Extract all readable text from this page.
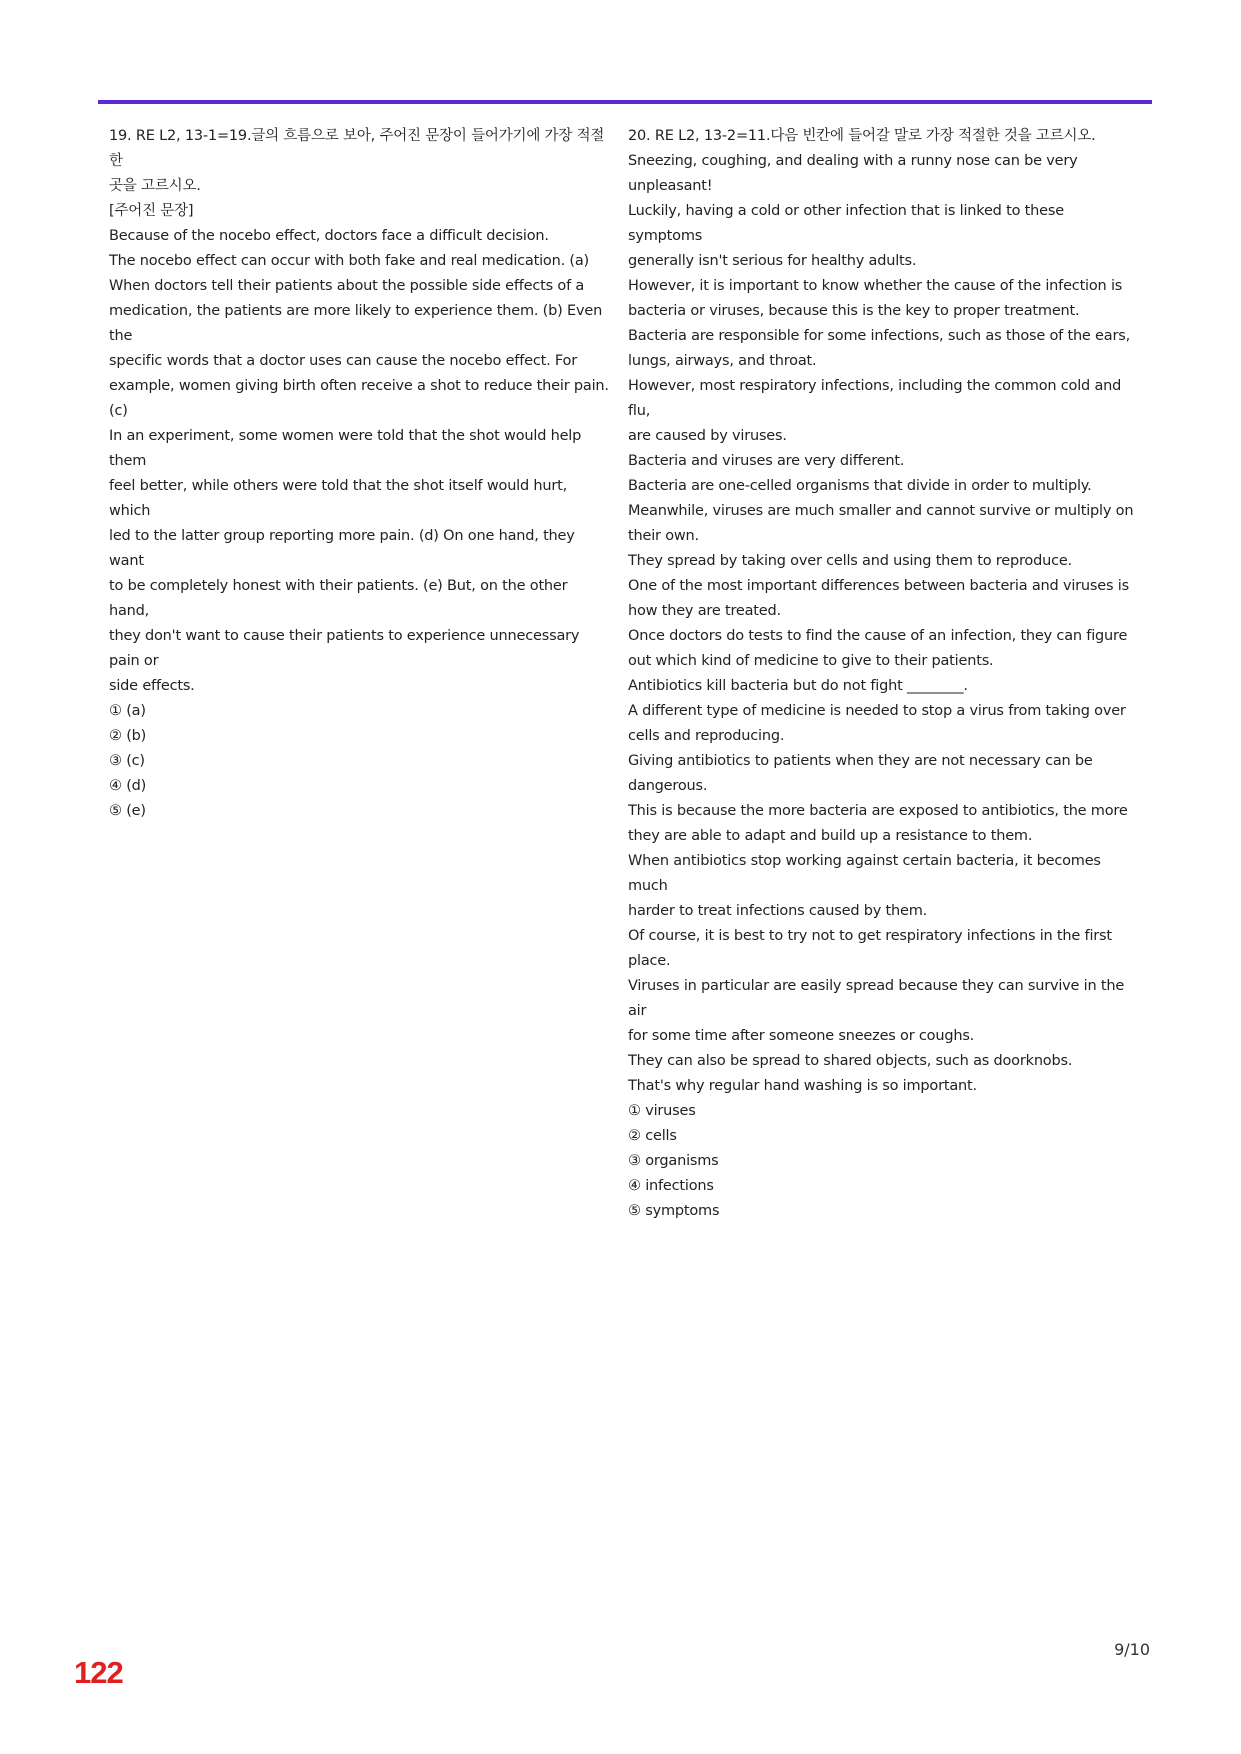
19. RE L2, 13-1=19.글의 흐름으로 보아, 주어진 문장이 들어가기에 가장 적절한
곳을 고르시오.
[주어진 문장]
Because of the nocebo effect, doctors face a difficult decision.
The nocebo effect can occur with both fake and real medication. (a)
When doctors tell their patients about the possible side effects of a
medication, the patients are more likely to experience them. (b) Even the
specific words that a doctor uses can cause the nocebo effect. For
example, women giving birth often receive a shot to reduce their pain. (c)
In an experiment, some women were told that the shot would help them
feel better, while others were told that the shot itself would hurt, which
led to the latter group reporting more pain. (d) On one hand, they want
to be completely honest with their patients. (e) But, on the other hand,
they don't want to cause their patients to experience unnecessary pain or
side effects.
① (a)
② (b)
③ (c)
④ (d)
⑤ (e)
20. RE L2, 13-2=11.다음 빈칸에 들어갈 말로 가장 적절한 것을 고르시오.
Sneezing, coughing, and dealing with a runny nose can be very
unpleasant!
Luckily, having a cold or other infection that is linked to these symptoms
generally isn't serious for healthy adults.
However, it is important to know whether the cause of the infection is
bacteria or viruses, because this is the key to proper treatment.
Bacteria are responsible for some infections, such as those of the ears,
lungs, airways, and throat.
However, most respiratory infections, including the common cold and flu,
are caused by viruses.
Bacteria and viruses are very different.
Bacteria are one-celled organisms that divide in order to multiply.
Meanwhile, viruses are much smaller and cannot survive or multiply on
their own.
They spread by taking over cells and using them to reproduce.
One of the most important differences between bacteria and viruses is
how they are treated.
Once doctors do tests to find the cause of an infection, they can figure
out which kind of medicine to give to their patients.
Antibiotics kill bacteria but do not fight ________.
A different type of medicine is needed to stop a virus from taking over
cells and reproducing.
Giving antibiotics to patients when they are not necessary can be
dangerous.
This is because the more bacteria are exposed to antibiotics, the more
they are able to adapt and build up a resistance to them.
When antibiotics stop working against certain bacteria, it becomes much
harder to treat infections caused by them.
Of course, it is best to try not to get respiratory infections in the first place.
Viruses in particular are easily spread because they can survive in the air
for some time after someone sneezes or coughs.
They can also be spread to shared objects, such as doorknobs.
That's why regular hand washing is so important.
① viruses
② cells
③ organisms
④ infections
⑤ symptoms
9/10
122
